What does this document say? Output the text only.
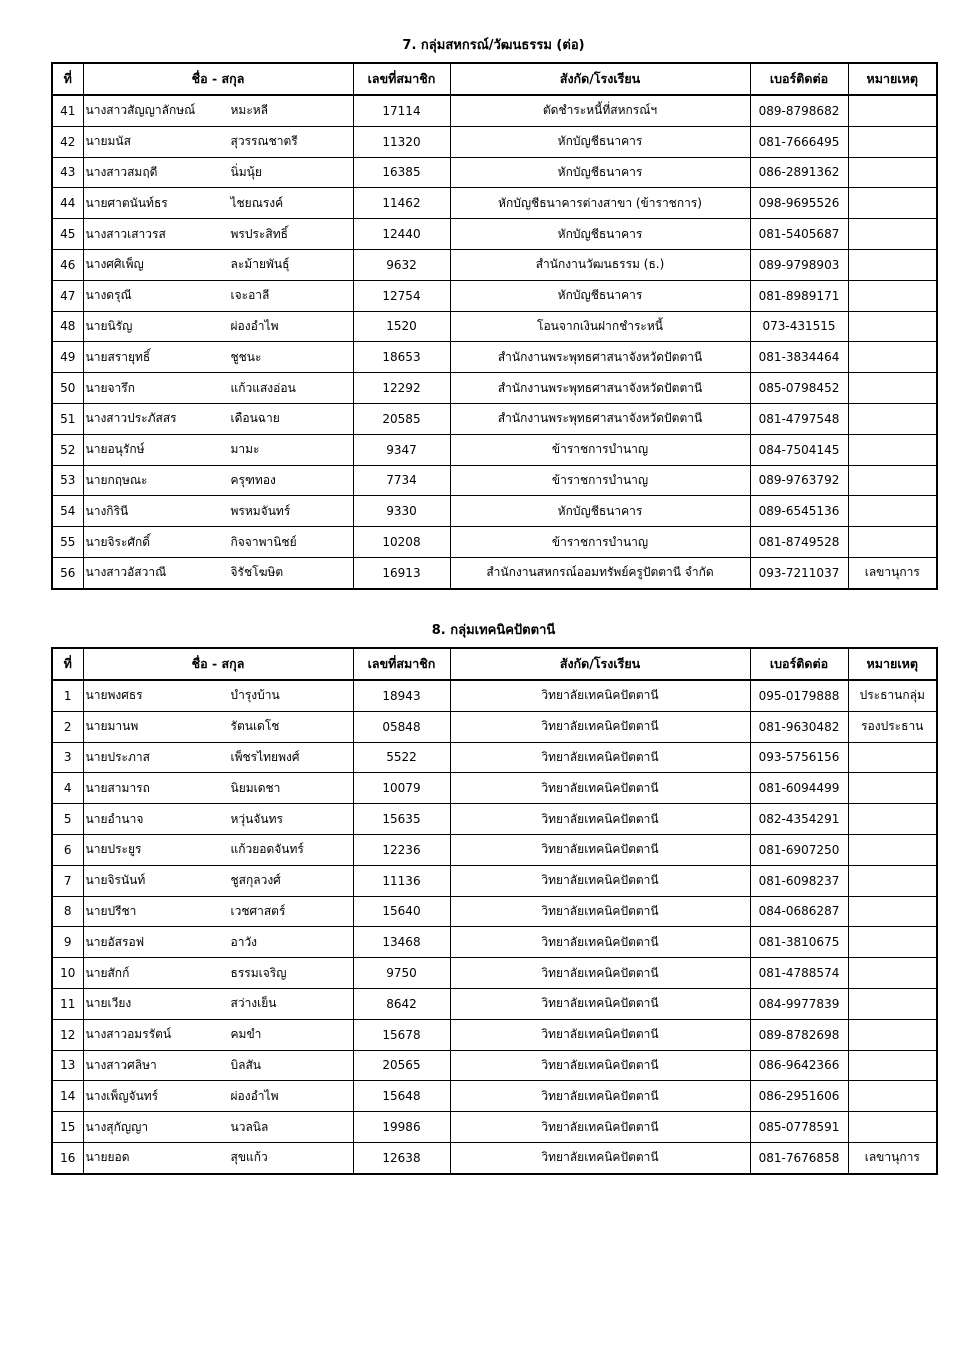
7. กลุ่มสหกรณ์/วัฒนธรรม (ต่อ)
ที่	ชื่อ - สกุล	เลขที่สมาชิก	สังกัด/โรงเรียน	เบอร์ติดต่อ	หมายเหตุ
41	นางสาวสัญญาลักษณ์ หมะหลี	17114	ตัดชำระหนี้ที่สหกรณ์ฯ	089-8798682	
42	นายมนัส สุวรรณชาตรี	11320	หักบัญชีธนาคาร	081-7666495	
43	นางสาวสมฤดี นิ่มนุ้ย	16385	หักบัญชีธนาคาร	086-2891362	
44	นายศาตนันท์ธร ไชยณรงค์	11462	หักบัญชีธนาคารต่างสาขา (ข้าราชการ)	098-9695526	
45	นางสาวเสาวรส พรประสิทธิ์	12440	หักบัญชีธนาคาร	081-5405687	
46	นางศศิเพ็ญ ละม้ายพันธุ์	9632	สำนักงานวัฒนธรรม (ธ.)	089-9798903	
47	นางดรุณี เจะอาลี	12754	หักบัญชีธนาคาร	081-8989171	
48	นายนิรัญ ผ่องอำไพ	1520	โอนจากเงินฝากชำระหนี้	073-431515	
49	นายสรายุทธิ์ ชูชนะ	18653	สำนักงานพระพุทธศาสนาจังหวัดปัตตานี	081-3834464	
50	นายจารึก แก้วแสงอ่อน	12292	สำนักงานพระพุทธศาสนาจังหวัดปัตตานี	085-0798452	
51	นางสาวประภัสสร เดือนฉาย	20585	สำนักงานพระพุทธศาสนาจังหวัดปัตตานี	081-4797548	
52	นายอนุรักษ์ มามะ	9347	ข้าราชการบำนาญ	084-7504145	
53	นายกฤษณะ ครุฑทอง	7734	ข้าราชการบำนาญ	089-9763792	
54	นางกิรินี พรหมจันทร์	9330	หักบัญชีธนาคาร	089-6545136	
55	นายจิระศักดิ์ กิจจาพานิชย์	10208	ข้าราชการบำนาญ	081-8749528	
56	นางสาวอัสวาณี จิรัชโฆษิต	16913	สำนักงานสหกรณ์ออมทรัพย์ครูปัตตานี จำกัด	093-7211037	เลขานุการ
8. กลุ่มเทคนิคปัตตานี
ที่	ชื่อ - สกุล	เลขที่สมาชิก	สังกัด/โรงเรียน	เบอร์ติดต่อ	หมายเหตุ
1	นายพงศธร บำรุงบ้าน	18943	วิทยาลัยเทคนิคปัตตานี	095-0179888	ประธานกลุ่ม
2	นายมานพ รัตนเดโช	05848	วิทยาลัยเทคนิคปัตตานี	081-9630482	รองประธาน
3	นายประภาส เพ็ชรไทยพงศ์	5522	วิทยาลัยเทคนิคปัตตานี	093-5756156	
4	นายสามารถ นิยมเดชา	10079	วิทยาลัยเทคนิคปัตตานี	081-6094499	
5	นายอำนาจ หวุ่นจันทร	15635	วิทยาลัยเทคนิคปัตตานี	082-4354291	
6	นายประยูร แก้วยอดจันทร์	12236	วิทยาลัยเทคนิคปัตตานี	081-6907250	
7	นายจิรนันท์ ชูสกุลวงศ์	11136	วิทยาลัยเทคนิคปัตตานี	081-6098237	
8	นายปรีชา เวชศาสตร์	15640	วิทยาลัยเทคนิคปัตตานี	084-0686287	
9	นายอัสรอฟ อาวัง	13468	วิทยาลัยเทคนิคปัตตานี	081-3810675	
10	นายสักก์ ธรรมเจริญ	9750	วิทยาลัยเทคนิคปัตตานี	081-4788574	
11	นายเวียง สว่างเย็น	8642	วิทยาลัยเทคนิคปัตตานี	084-9977839	
12	นางสาวอมรรัตน์ คมขำ	15678	วิทยาลัยเทคนิคปัตตานี	089-8782698	
13	นางสาวศลิษา บิลสัน	20565	วิทยาลัยเทคนิคปัตตานี	086-9642366	
14	นางเพ็ญจันทร์ ผ่องอำไพ	15648	วิทยาลัยเทคนิคปัตตานี	086-2951606	
15	นางสุกัญญา นวลนิล	19986	วิทยาลัยเทคนิคปัตตานี	085-0778591	
16	นายยอด สุขแก้ว	12638	วิทยาลัยเทคนิคปัตตานี	081-7676858	เลขานุการ
